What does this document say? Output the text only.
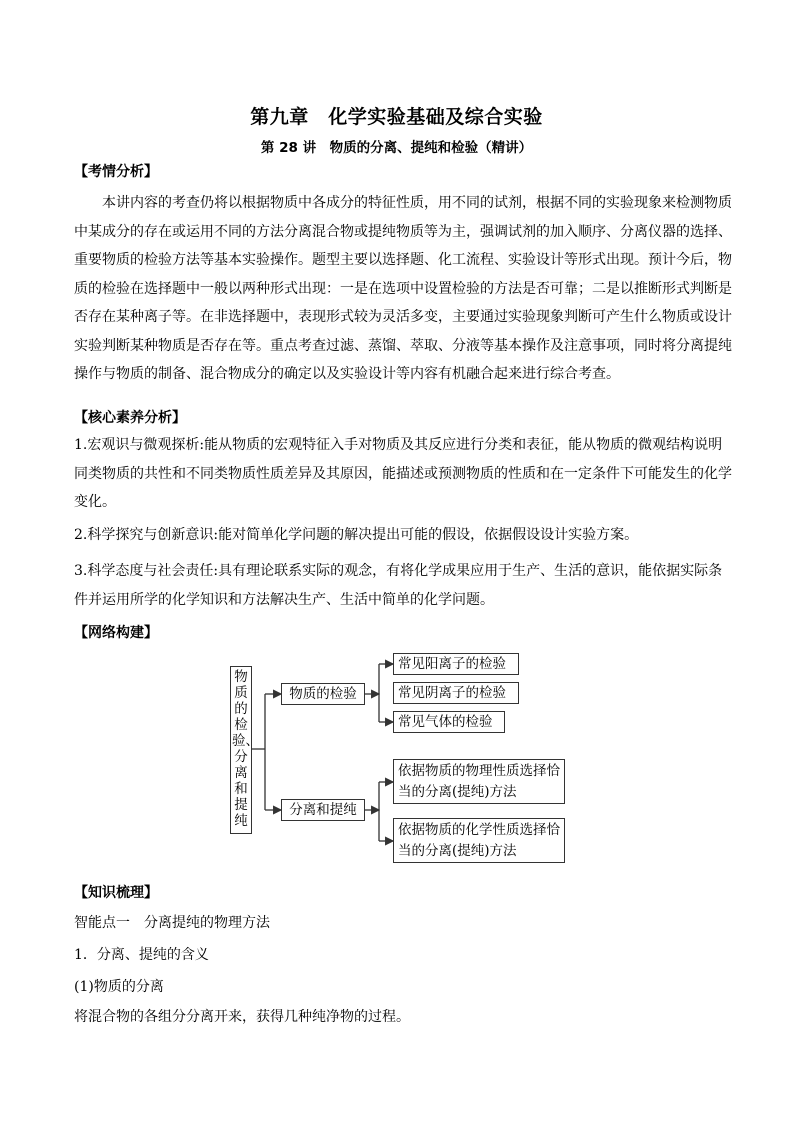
第九章　化学实验基础及综合实验
第 28 讲　物质的分离、提纯和检验（精讲）
【考情分析】
本讲内容的考查仍将以根据物质中各成分的特征性质，用不同的试剂，根据不同的实验现象来检测物质中某成分的存在或运用不同的方法分离混合物或提纯物质等为主，强调试剂的加入顺序、分离仪器的选择、重要物质的检验方法等基本实验操作。题型主要以选择题、化工流程、实验设计等形式出现。预计今后，物质的检验在选择题中一般以两种形式出现：一是在选项中设置检验的方法是否可靠；二是以推断形式判断是否存在某种离子等。在非选择题中，表现形式较为灵活多变，主要通过实验现象判断可产生什么物质或设计实验判断某种物质是否存在等。重点考查过滤、蒸馏、萃取、分液等基本操作及注意事项，同时将分离提纯操作与物质的制备、混合物成分的确定以及实验设计等内容有机融合起来进行综合考查。
【核心素养分析】
1.宏观识与微观探析:能从物质的宏观特征入手对物质及其反应进行分类和表征，能从物质的微观结构说明同类物质的共性和不同类物质性质差异及其原因，能描述或预测物质的性质和在一定条件下可能发生的化学变化。
2.科学探究与创新意识:能对简单化学问题的解决提出可能的假设，依据假设设计实验方案。
3.科学态度与社会责任:具有理论联系实际的观念，有将化学成果应用于生产、生活的意识，能依据实际条件并运用所学的化学知识和方法解决生产、生活中简单的化学问题。
【网络构建】
物质的检验、分离和提纯
物质的检验
分离和提纯
常见阳离子的检验
常见阴离子的检验
常见气体的检验
依据物质的物理性质选择恰当的分离(提纯)方法
依据物质的化学性质选择恰当的分离(提纯)方法
【知识梳理】
智能点一　分离提纯的物理方法
1．分离、提纯的含义
(1)物质的分离
将混合物的各组分分离开来，获得几种纯净物的过程。
